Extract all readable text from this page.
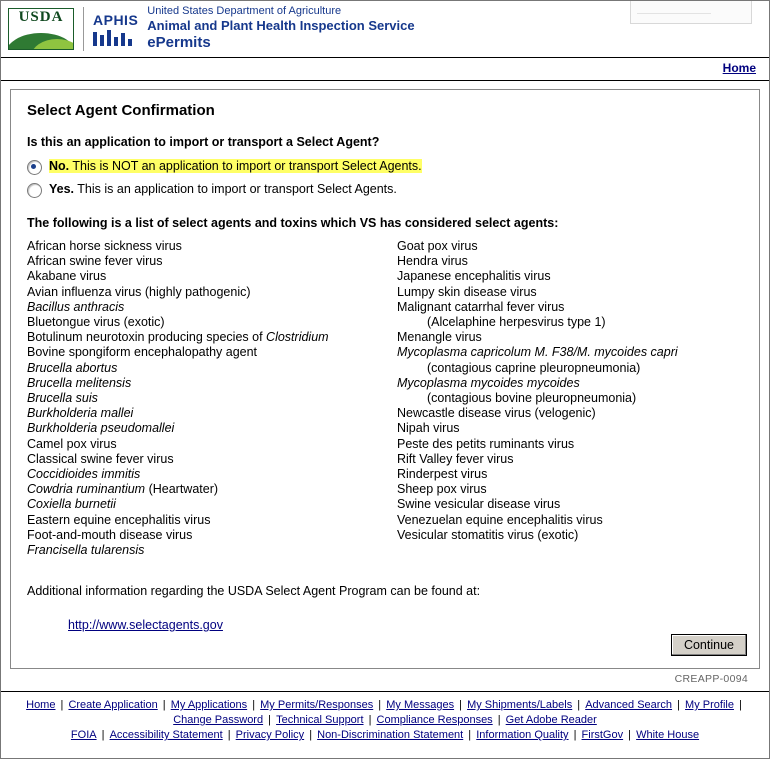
USDA	APHIS
United States Department of Agriculture
Animal and Plant Health Inspection Service
ePermits
Home
Select Agent Confirmation
Is this an application to import or transport a Select Agent?
No. This is NOT an application to import or transport Select Agents.
Yes. This is an application to import or transport Select Agents.
The following is a list of select agents and toxins which VS has considered select agents:
African horse sickness virus
African swine fever virus
Akabane virus
Avian influenza virus (highly pathogenic)
Bacillus anthracis
Bluetongue virus (exotic)
Botulinum neurotoxin producing species of Clostridium
Bovine spongiform encephalopathy agent
Brucella abortus
Brucella melitensis
Brucella suis
Burkholderia mallei
Burkholderia pseudomallei
Camel pox virus
Classical swine fever virus
Coccidioides immitis
Cowdria ruminantium (Heartwater)
Coxiella burnetii
Eastern equine encephalitis virus
Foot-and-mouth disease virus
Francisella tularensis
Goat pox virus
Hendra virus
Japanese encephalitis virus
Lumpy skin disease virus
Malignant catarrhal fever virus
(Alcelaphine herpesvirus type 1)
Menangle virus
Mycoplasma capricolum M. F38/M. mycoides capri
(contagious caprine pleuropneumonia)
Mycoplasma mycoides mycoides
(contagious bovine pleuropneumonia)
Newcastle disease virus (velogenic)
Nipah virus
Peste des petits ruminants virus
Rift Valley fever virus
Rinderpest virus
Sheep pox virus
Swine vesicular disease virus
Venezuelan equine encephalitis virus
Vesicular stomatitis virus (exotic)
Additional information regarding the USDA Select Agent Program can be found at:
http://www.selectagents.gov
Continue
CREAPP-0094
Home | Create Application | My Applications | My Permits/Responses | My Messages | My Shipments/Labels | Advanced Search | My Profile | Change Password | Technical Support | Compliance Responses | Get Adobe Reader
FOIA | Accessibility Statement | Privacy Policy | Non-Discrimination Statement | Information Quality | FirstGov | White House
